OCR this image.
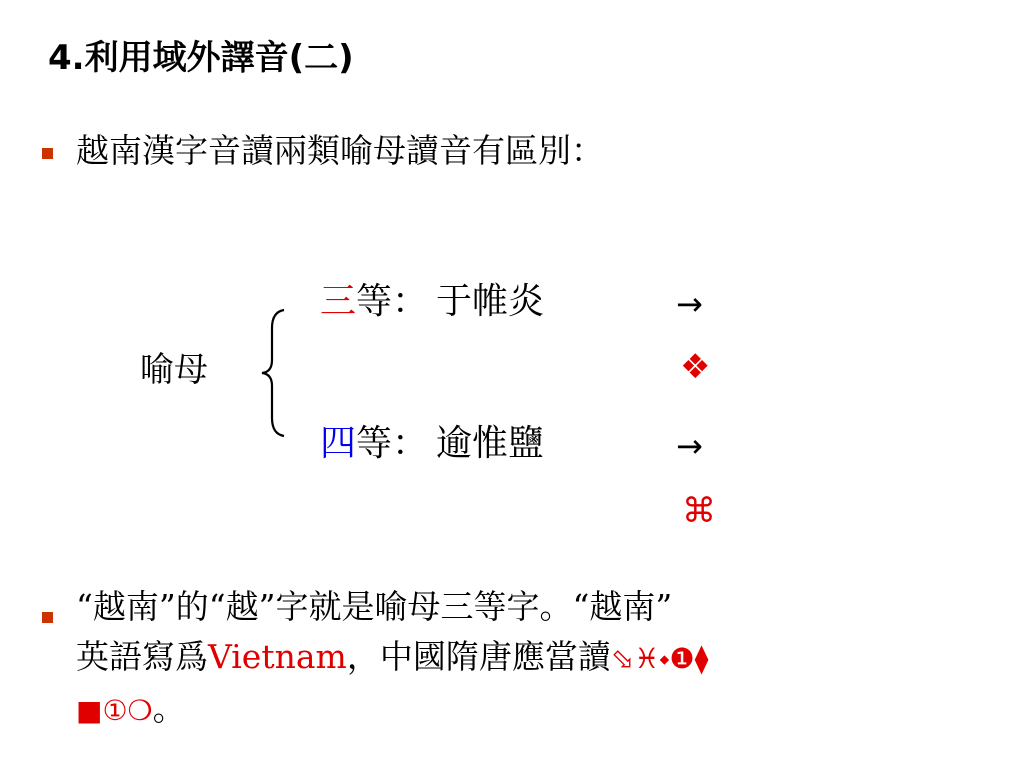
4.利用域外譯音(二)
越南漢字音讀兩類喻母讀音有區別：
喻母
三等： 于帷炎	→
❖
四等： 逾惟鹽	→
⌘
“越南”的“越”字就是喻母三等字。“越南”
英語寫爲Vietnam，中國隋唐應當讀⬂♓⬩❶⧫
■①❍。
